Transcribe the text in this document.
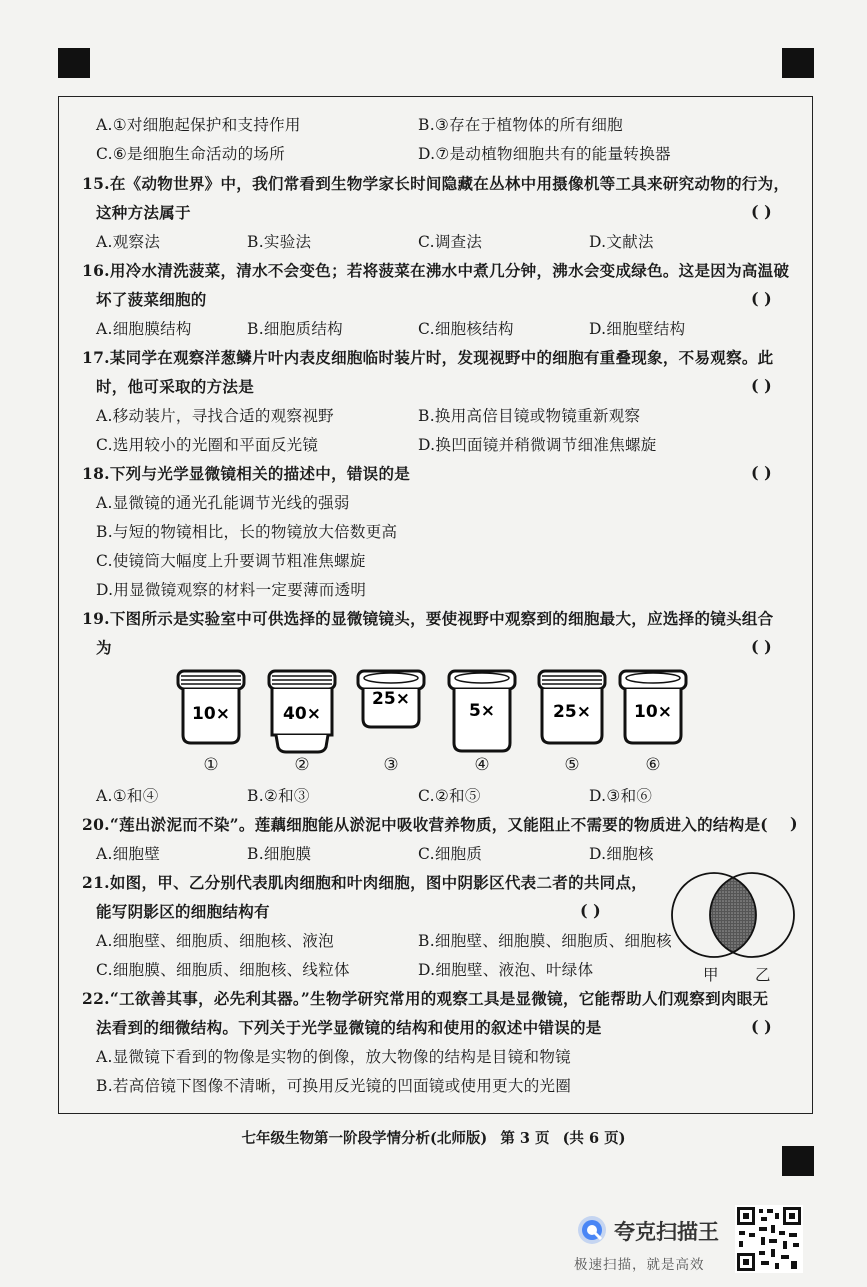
A.①对细胞起保护和支持作用	B.③存在于植物体的所有细胞
C.⑥是细胞生命活动的场所	D.⑦是动植物细胞共有的能量转换器
15.在《动物世界》中，我们常看到生物学家长时间隐藏在丛林中用摄像机等工具来研究动物的行为，
这种方法属于	( )
A.观察法	B.实验法	C.调查法	D.文献法
16.用冷水清洗菠菜，清水不会变色；若将菠菜在沸水中煮几分钟，沸水会变成绿色。这是因为高温破
坏了菠菜细胞的	( )
A.细胞膜结构	B.细胞质结构	C.细胞核结构	D.细胞壁结构
17.某同学在观察洋葱鳞片叶内表皮细胞临时装片时，发现视野中的细胞有重叠现象，不易观察。此
时，他可采取的方法是	( )
A.移动装片，寻找合适的观察视野	B.换用高倍目镜或物镜重新观察
C.选用较小的光圈和平面反光镜	D.换凹面镜并稍微调节细准焦螺旋
18.下列与光学显微镜相关的描述中，错误的是	( )
A.显微镜的通光孔能调节光线的强弱
B.与短的物镜相比，长的物镜放大倍数更高
C.使镜筒大幅度上升要调节粗准焦螺旋
D.用显微镜观察的材料一定要薄而透明
19.下图所示是实验室中可供选择的显微镜镜头，要使视野中观察到的细胞最大，应选择的镜头组合
为	( )
10×	40×
25×
5×	25×	10×
①	②	③	④	⑤	⑥
A.①和④	B.②和③	C.②和⑤	D.③和⑥
20.“莲出淤泥而不染”。莲藕细胞能从淤泥中吸收营养物质，又能阻止不需要的物质进入的结构是( )
A.细胞壁	B.细胞膜	C.细胞质	D.细胞核
21.如图，甲、乙分别代表肌肉细胞和叶肉细胞，图中阴影区代表二者的共同点，
能写阴影区的细胞结构有	( )
A.细胞壁、细胞质、细胞核、液泡	B.细胞壁、细胞膜、细胞质、细胞核
C.细胞膜、细胞质、细胞核、线粒体	D.细胞壁、液泡、叶绿体	甲 乙
22.“工欲善其事，必先利其器。”生物学研究常用的观察工具是显微镜，它能帮助人们观察到肉眼无
法看到的细微结构。下列关于光学显微镜的结构和使用的叙述中错误的是	( )
A.显微镜下看到的物像是实物的倒像，放大物像的结构是目镜和物镜
B.若高倍镜下图像不清晰，可换用反光镜的凹面镜或使用更大的光圈
七年级生物第一阶段学情分析(北师版) 第 3 页 (共 6 页)
夸克扫描王
极速扫描，就是高效
